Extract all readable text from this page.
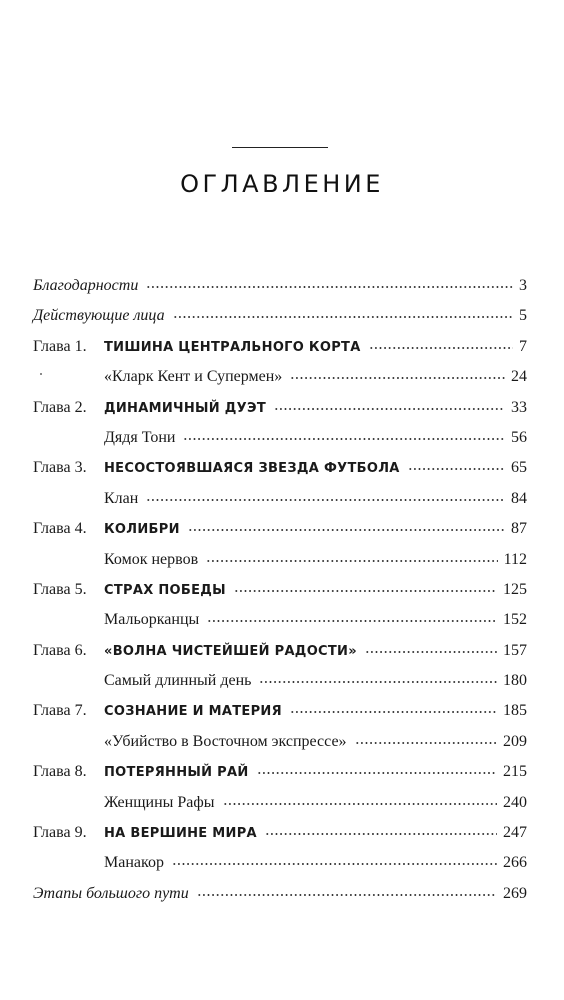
ОГЛАВЛЕНИЕ
Благодарности	3
Действующие лица	5
Глава 1.	ТИШИНА ЦЕНТРАЛЬНОГО КОРТА	7
«Кларк Кент и Супермен»	24
Глава 2.	ДИНАМИЧНЫЙ ДУЭТ	33
Дядя Тони	56
Глава 3.	НЕСОСТОЯВШАЯСЯ ЗВЕЗДА ФУТБОЛА	65
Клан	84
Глава 4.	КОЛИБРИ	87
Комок нервов	112
Глава 5.	СТРАХ ПОБЕДЫ	125
Мальорканцы	152
Глава 6.	«ВОЛНА ЧИСТЕЙШЕЙ РАДОСТИ»	157
Самый длинный день	180
Глава 7.	СОЗНАНИЕ И МАТЕРИЯ	185
«Убийство в Восточном экспрессе»	209
Глава 8.	ПОТЕРЯННЫЙ РАЙ	215
Женщины Рафы	240
Глава 9.	НА ВЕРШИНЕ МИРА	247
Манакор	266
Этапы большого пути	269
